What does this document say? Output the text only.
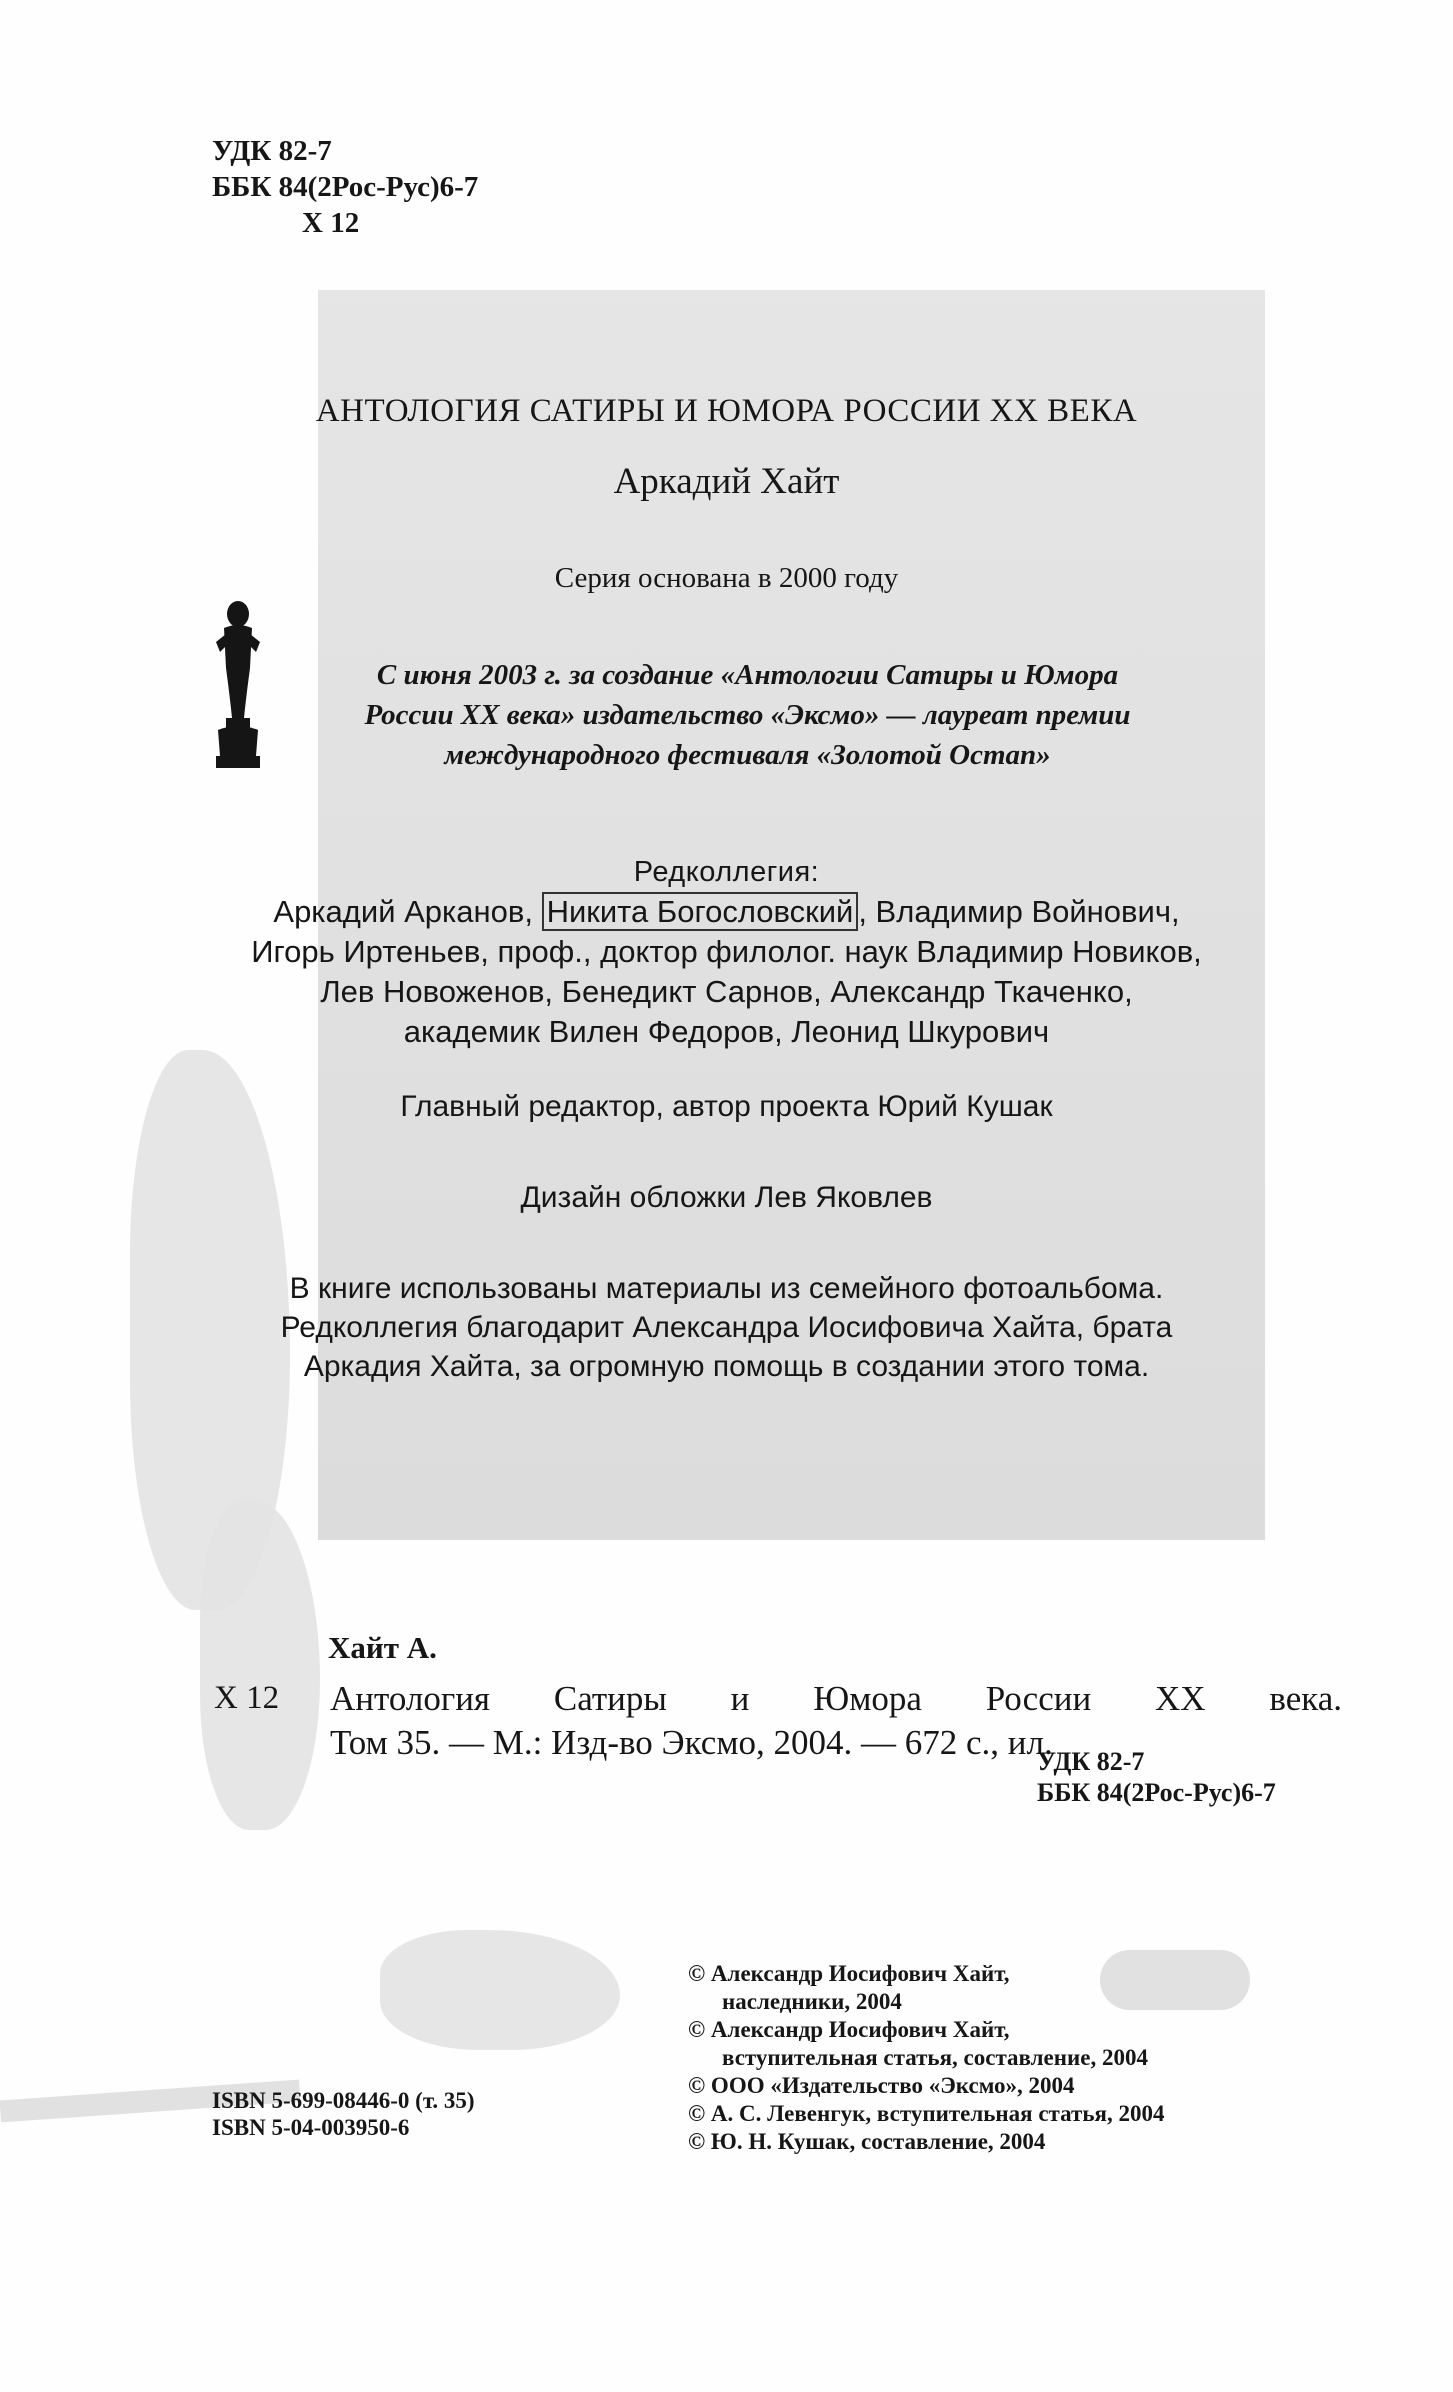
УДК 82-7
ББК 84(2Рос-Рус)6-7
Х 12
АНТОЛОГИЯ САТИРЫ И ЮМОРА РОССИИ ХХ ВЕКА
Аркадий Хайт
Серия основана в 2000 году
С июня 2003 г. за создание «Антологии Сатиры и Юмора
России ХХ века» издательство «Эксмо» — лауреат премии
международного фестиваля «Золотой Остап»
Редколлегия:
Аркадий Арканов, Никита Богословский , Владимир Войнович,
Игорь Иртеньев, проф., доктор филолог. наук Владимир Новиков,
Лев Новоженов, Бенедикт Сарнов, Александр Ткаченко,
академик Вилен Федоров, Леонид Шкурович
Главный редактор, автор проекта Юрий Кушак
Дизайн обложки Лев Яковлев
В книге использованы материалы из семейного фотоальбома.
Редколлегия благодарит Александра Иосифовича Хайта, брата
Аркадия Хайта, за огромную помощь в создании этого тома.
Хайт А.
Х 12 Антология Сатиры и Юмора России ХХ века.
Том 35. — М.: Изд-во Эксмо, 2004. — 672 с., ил.
УДК 82-7
ББК 84(2Рос-Рус)6-7
© Александр Иосифович Хайт,
наследники, 2004
© Александр Иосифович Хайт,
вступительная статья, составление, 2004
© ООО «Издательство «Эксмо», 2004
© А. С. Левенгук, вступительная статья, 2004
© Ю. Н. Кушак, составление, 2004
ISBN 5-699-08446-0 (т. 35)
ISBN 5-04-003950-6
